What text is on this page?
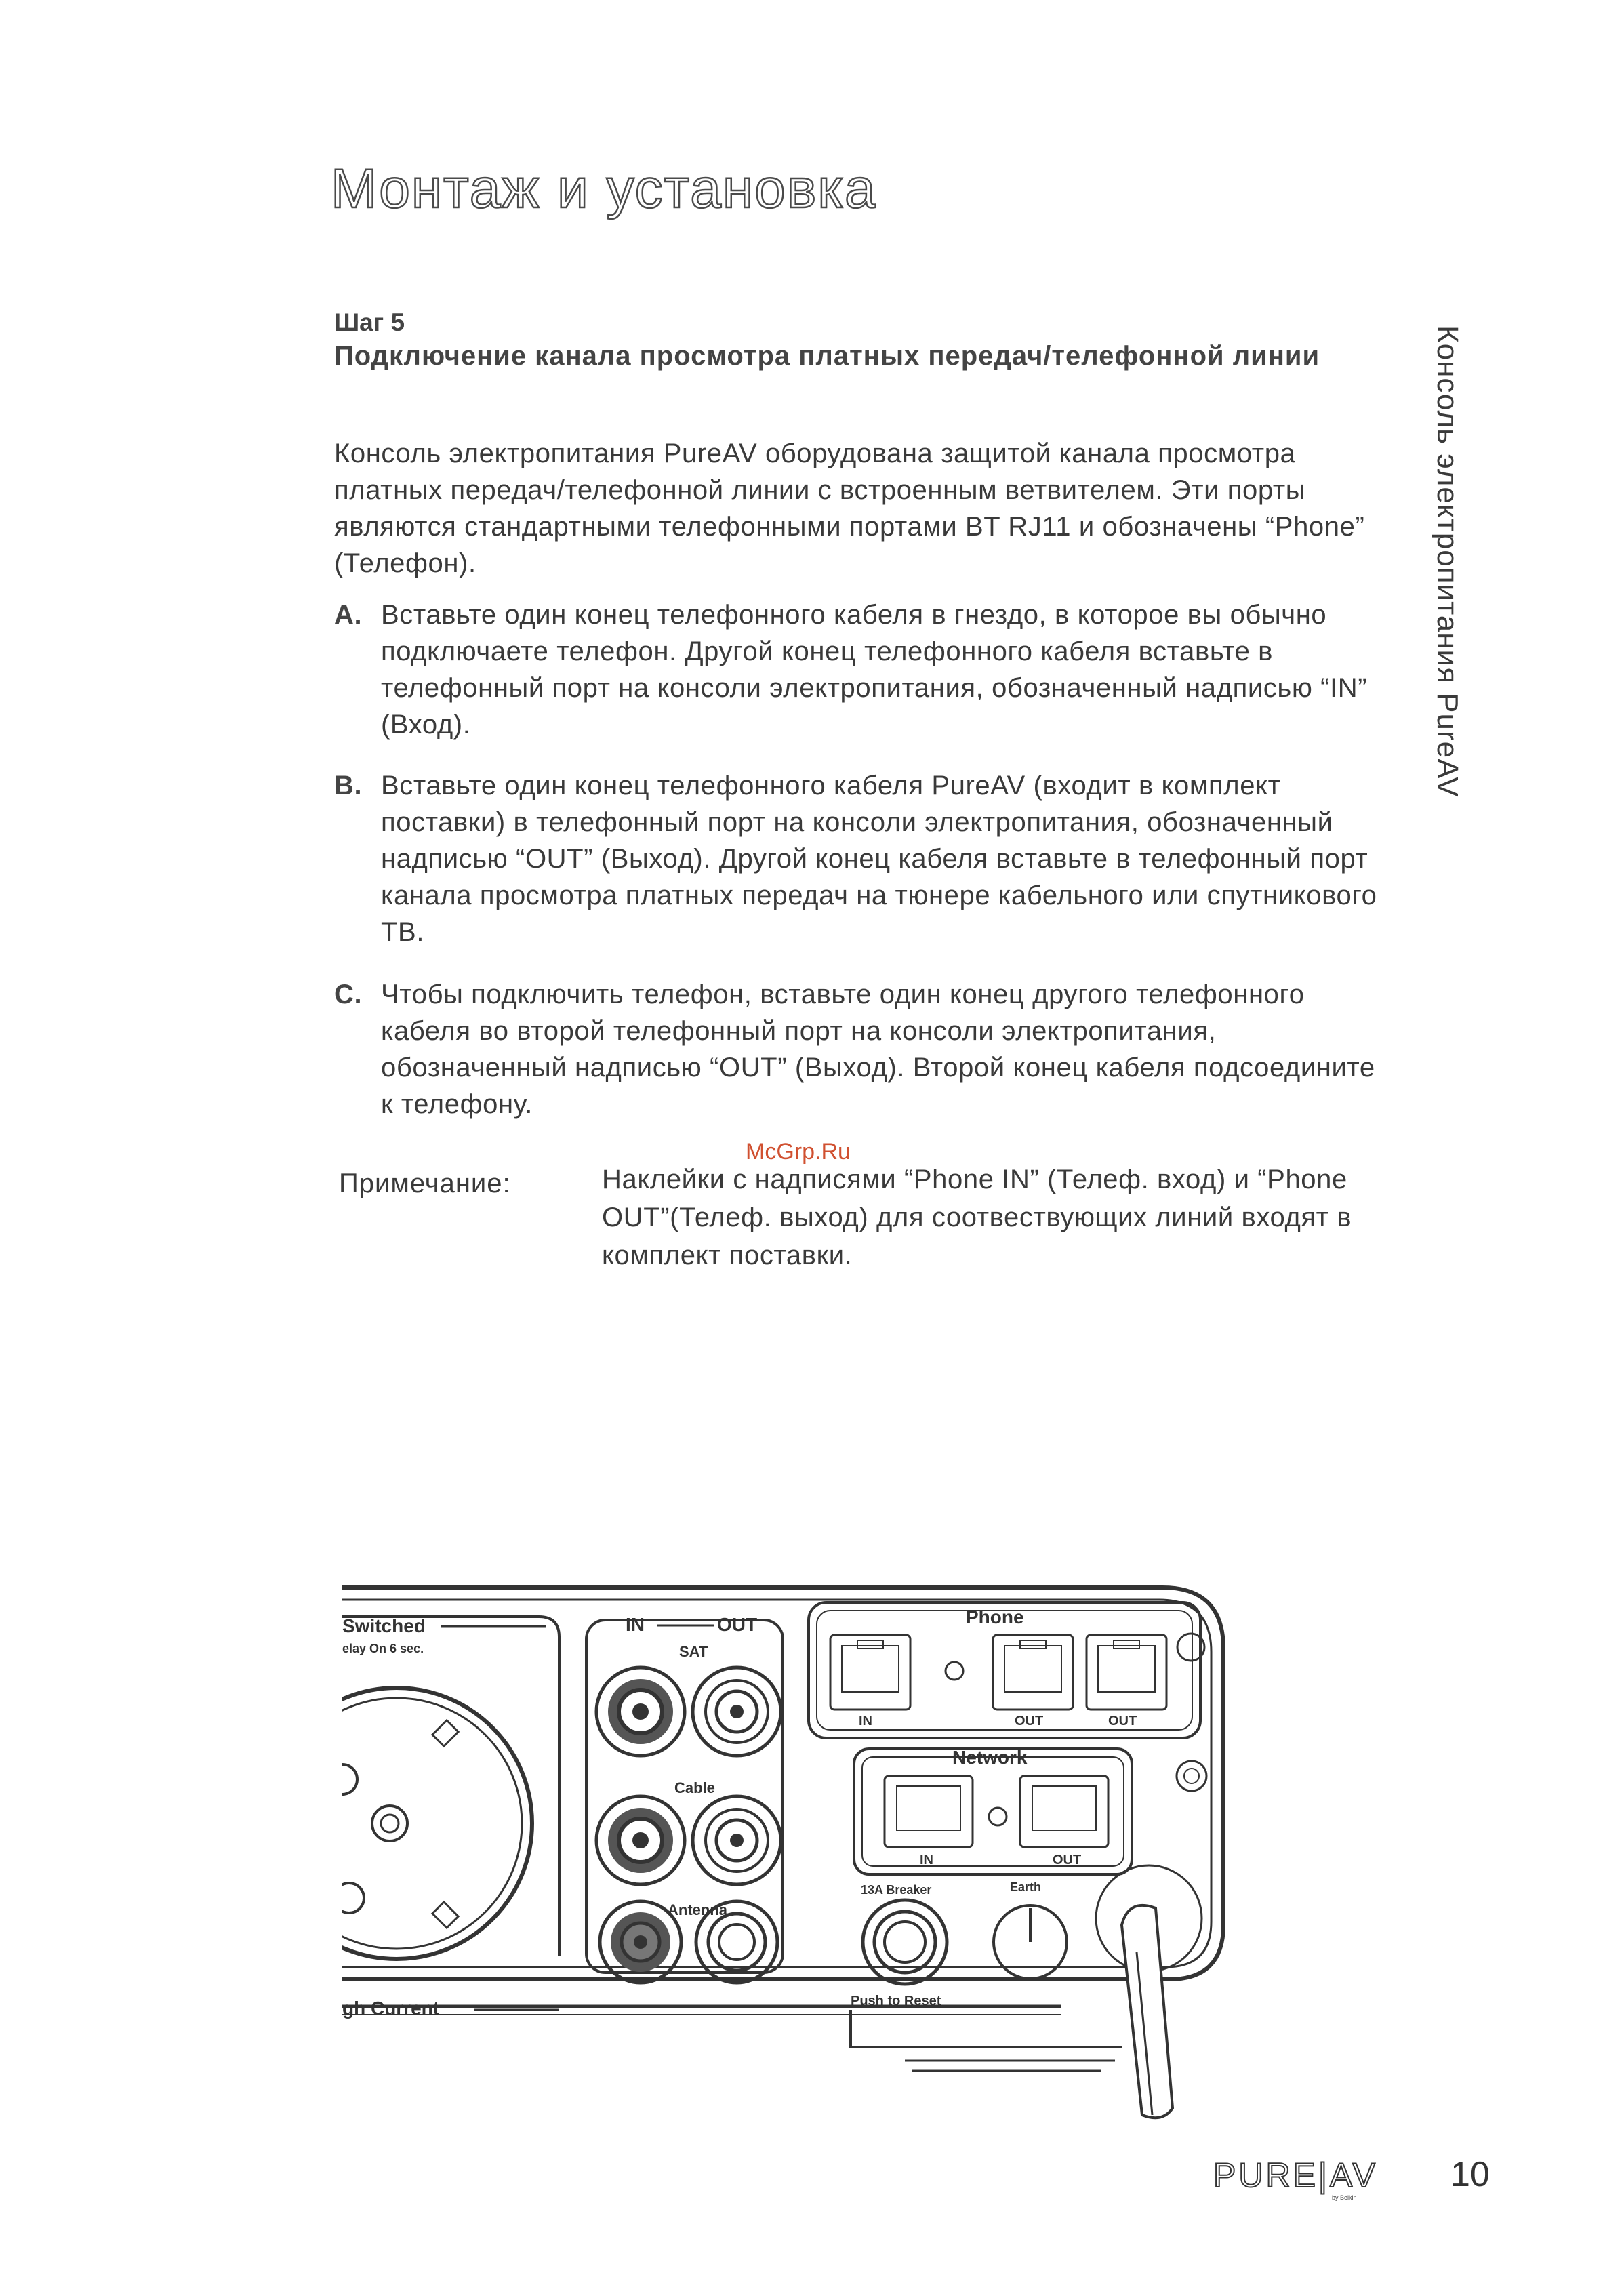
Монтаж и установка
Консоль электропитания PureAV
Шаг 5
Подключение канала просмотра платных передач/телефонной линии
Консоль электропитания PureAV оборудована защитой канала просмотра платных передач/телефонной линии с встроенным ветвителем. Эти порты являются стандартными телефонными портами BT RJ11 и обозначены “Phone” (Телефон).
A. Вставьте один конец телефонного кабеля в гнездо, в которое вы обычно подключаете телефон. Другой конец телефонного кабеля вставьте в телефонный порт на консоли электропитания, обозначенный надписью “IN” (Вход).
B. Вставьте один конец телефонного кабеля PureAV (входит в комплект поставки) в телефонный порт на консоли электропитания, обозначенный надписью “OUT” (Выход). Другой конец кабеля вставьте в телефонный порт канала просмотра платных передач на тюнере кабельного или спутникового ТВ.
C. Чтобы подключить телефон, вставьте один конец другого телефонного кабеля во второй телефонный порт на консоли электропитания, обозначенный надписью “OUT” (Выход). Второй конец кабеля подсоедините к телефону.
McGrp.Ru
Примечание:	Наклейки с надписями “Phone IN” (Телеф. вход) и “Phone OUT”(Телеф. выход) для соотвествующих линий входят в комплект поставки.
Switched
elay On 6 sec.
gh Current
IN	OUT
SAT
Cable
Antenna
Phone
IN	OUT	OUT
Network
IN	OUT
13A Breaker
Push to Reset
Earth
PURE|AV
by Belkin
10
